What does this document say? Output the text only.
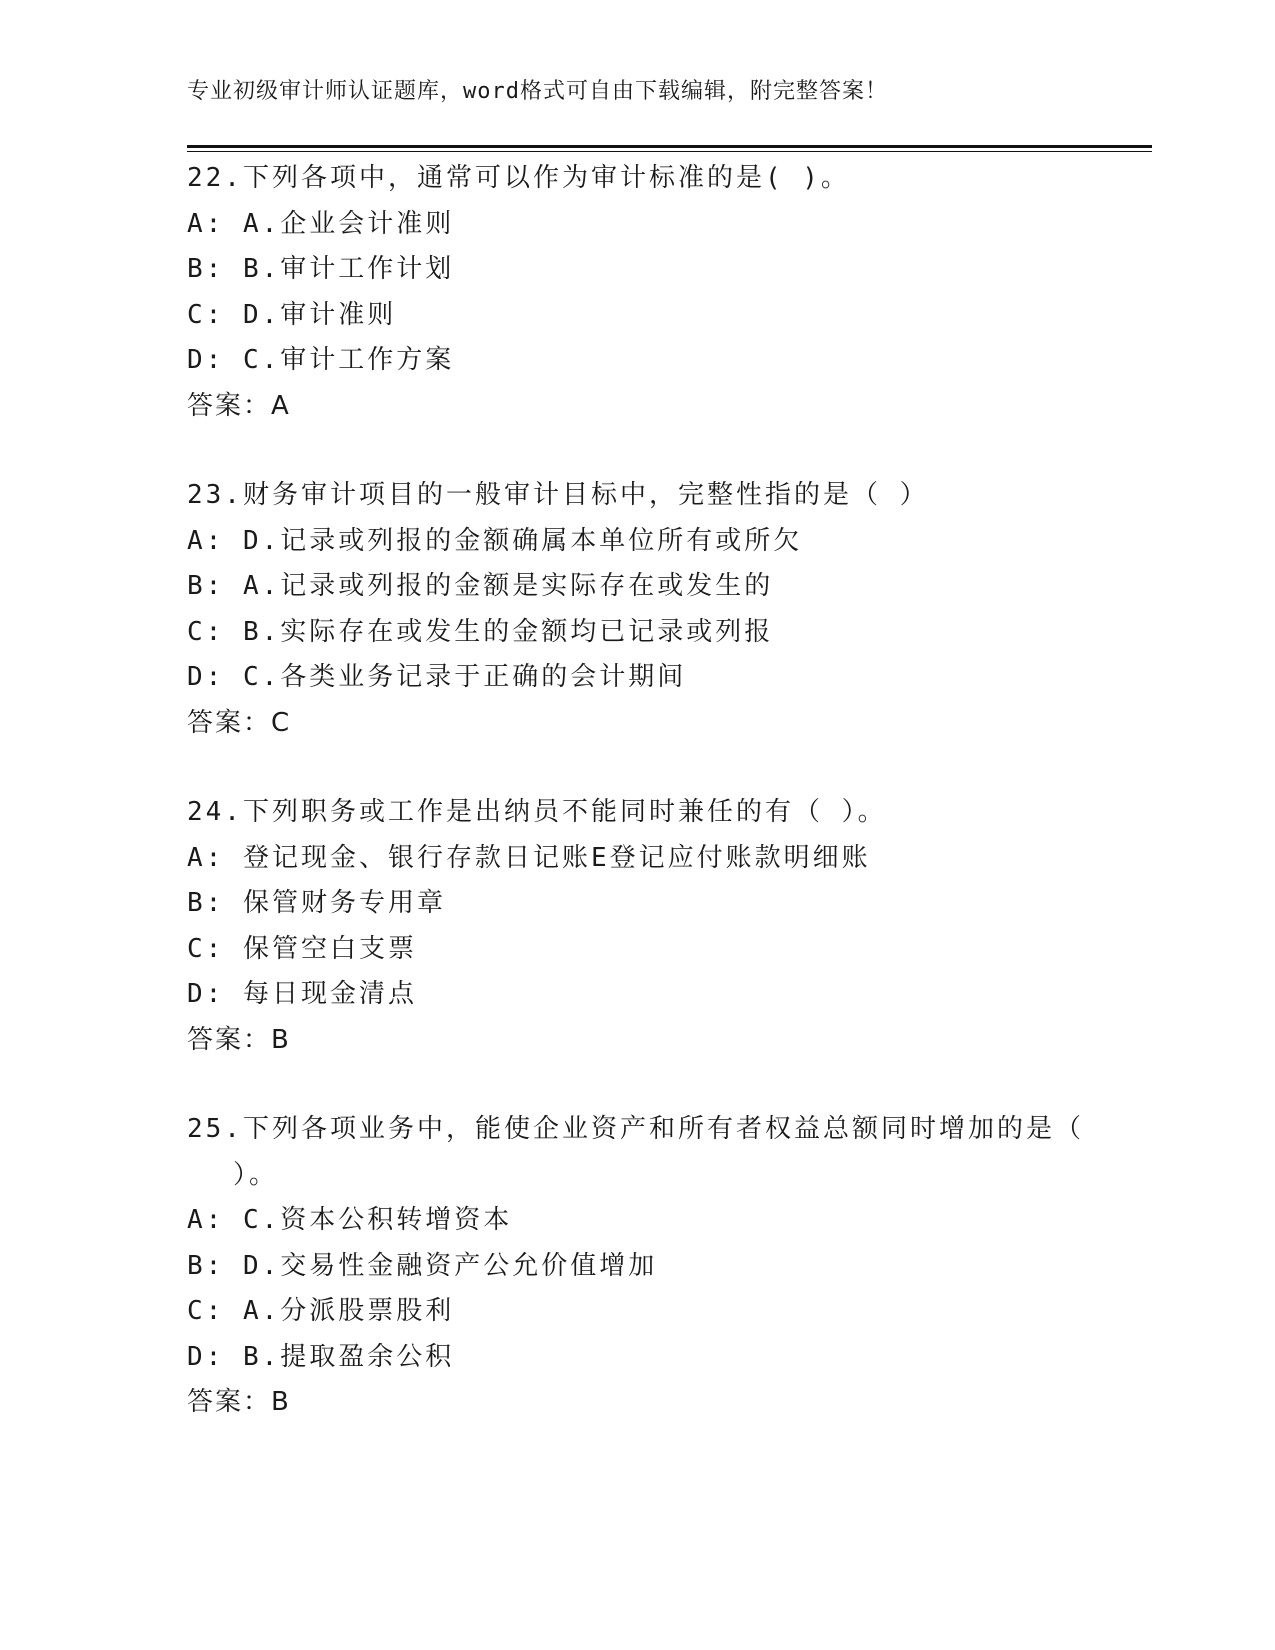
专业初级审计师认证题库，word格式可自由下载编辑，附完整答案！
22.下列各项中，通常可以作为审计标准的是( )。
A: A.企业会计准则
B: B.审计工作计划
C: D.审计准则
D: C.审计工作方案
答案：A
23.财务审计项目的一般审计目标中，完整性指的是（ ）
A: D.记录或列报的金额确属本单位所有或所欠
B: A.记录或列报的金额是实际存在或发生的
C: B.实际存在或发生的金额均已记录或列报
D: C.各类业务记录于正确的会计期间
答案：C
24.下列职务或工作是出纳员不能同时兼任的有（ ）。
A: 登记现金、银行存款日记账E登记应付账款明细账
B: 保管财务专用章
C: 保管空白支票
D: 每日现金清点
答案：B
25.下列各项业务中，能使企业资产和所有者权益总额同时增加的是（
）。
A: C.资本公积转增资本
B: D.交易性金融资产公允价值增加
C: A.分派股票股利
D: B.提取盈余公积
答案：B
